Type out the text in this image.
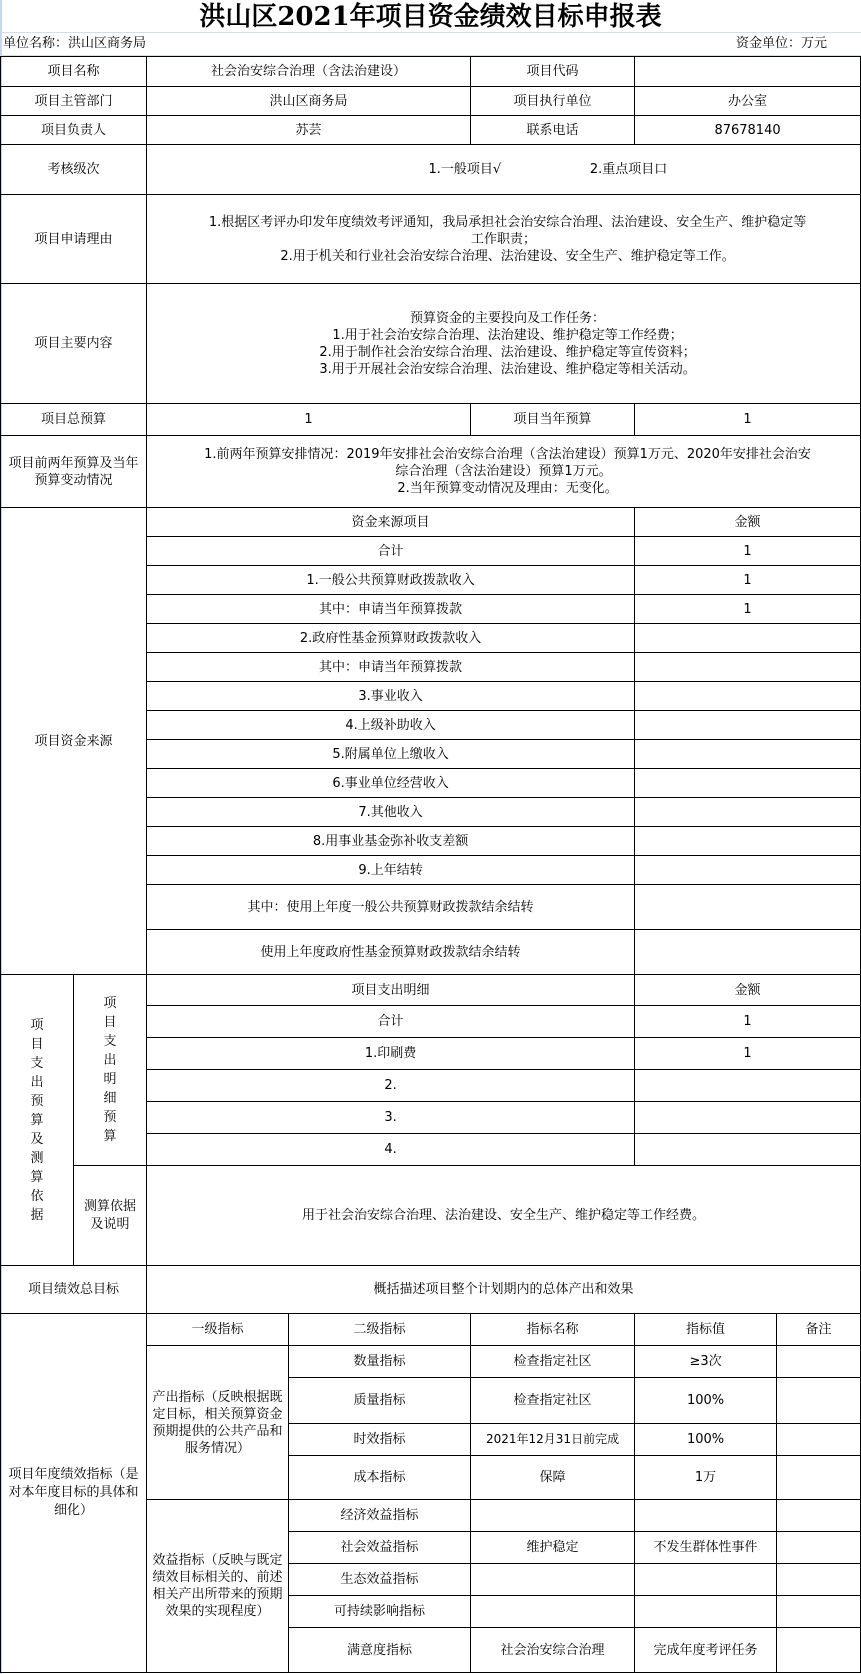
洪山区2021年项目资金绩效目标申报表
单位名称：洪山区商务局	资金单位：万元
项目名称		社会治安综合治理（含法治建设）		项目代码		
项目主管部门		洪山区商务局		项目执行单位	办公室	
项目负责人		苏芸		联系电话	87678140	
考核级次		1.一般项目√ 2.重点项目口				
项目申请理由		1.根据区考评办印发年度绩效考评通知，我局承担社会治安综合治理、法治建设、安全生产、维护稳定等
工作职责；
2.用于机关和行业社会治安综合治理、法治建设、安全生产、维护稳定等工作。				

项目主要内容		预算资金的主要投向及工作任务：
1.用于社会治安综合治理、法治建设、维护稳定等工作经费；
2.用于制作社会治安综合治理、法治建设、维护稳定等宣传资料；
3.用于开展社会治安综合治理、法治建设、维护稳定等相关活动。				

项目总预算		1		项目当年预算	1	
项目前两年预算及当年预算变动情况		1.前两年预算安排情况：2019年安排社会治安综合治理（含法治建设）预算1万元、2020年安排社会治安
综合治理（含法治建设）预算1万元。
2.当年预算变动情况及理由：无变化。				

项目资金来源		资金来源项目			金额	
		合计			1	
		1.一般公共预算财政拨款收入			1	
		其中：申请当年预算拨款			1	
		2.政府性基金预算财政拨款收入				
		其中：申请当年预算拨款				
		3.事业收入				
		4.上级补助收入				
		5.附属单位上缴收入				
		6.事业单位经营收入				
		7.其他收入				
		8.用事业基金弥补收支差额				
		9.上年结转				
		其中：使用上年度一般公共预算财政拨款结余结转				
		使用上年度政府性基金预算财政拨款结余结转				
项目支出预算及测算依据	项目支出明细预算	项目支出明细			金额	
		合计			1	
		1.印刷费			1	
		2.				
		3.				
		4.				
	测算依据及说明	用于社会治安综合治理、法治建设、安全生产、维护稳定等工作经费。				
项目绩效总目标		概括描述项目整个计划期内的总体产出和效果				
项目年度绩效指标（是对本年度目标的具体和细化）		一级指标	二级指标	指标名称	指标值	备注
		产出指标（反映根据既定目标，相关预算资金预期提供的公共产品和服务情况）	数量指标	检查指定社区	≥3次	
			质量指标	检查指定社区	100%	
			时效指标	2021年12月31日前完成	100%	
			成本指标	保障	1万	
		效益指标（反映与既定绩效目标相关的、前述相关产出所带来的预期效果的实现程度）	经济效益指标			
			社会效益指标	维护稳定	不发生群体性事件	
			生态效益指标			
			可持续影响指标			
			满意度指标	社会治安综合治理	完成年度考评任务	
